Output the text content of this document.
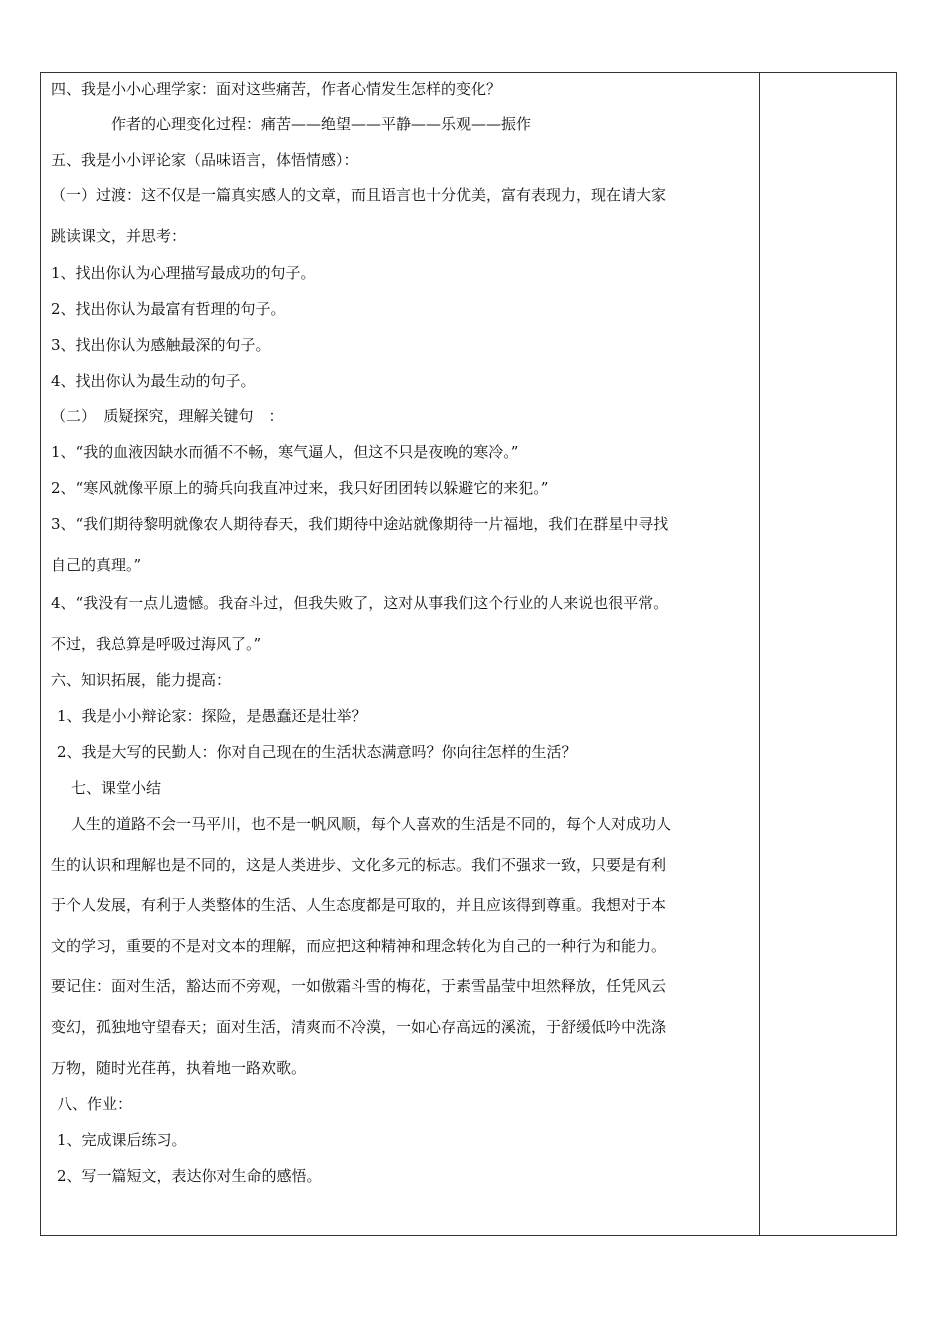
四、我是小小心理学家：面对这些痛苦，作者心情发生怎样的变化？
作者的心理变化过程：痛苦——绝望——平静——乐观——振作
五、我是小小评论家（品味语言，体悟情感）：
（一）过渡：这不仅是一篇真实感人的文章，而且语言也十分优美，富有表现力，现在请大家
跳读课文，并思考：
1、找出你认为心理描写最成功的句子。
2、找出你认为最富有哲理的句子。
3、找出你认为感触最深的句子。
4、找出你认为最生动的句子。
（二）　质疑探究，理解关键句　：
1、“我的血液因缺水而循不不畅，寒气逼人，但这不只是夜晚的寒冷。”
2、“寒风就像平原上的骑兵向我直冲过来，我只好团团转以躲避它的来犯。”
3、“我们期待黎明就像农人期待春天，我们期待中途站就像期待一片福地，我们在群星中寻找
自己的真理。”
4、“我没有一点儿遗憾。我奋斗过，但我失败了，这对从事我们这个行业的人来说也很平常。
不过，我总算是呼吸过海风了。”
六、知识拓展，能力提高：
1、我是小小辩论家：探险，是愚蠢还是壮举？
2、我是大写的民勤人：你对自己现在的生活状态满意吗？你向往怎样的生活？
七、课堂小结
人生的道路不会一马平川，也不是一帆风顺，每个人喜欢的生活是不同的，每个人对成功人
生的认识和理解也是不同的，这是人类进步、文化多元的标志。我们不强求一致，只要是有利
于个人发展，有利于人类整体的生活、人生态度都是可取的，并且应该得到尊重。我想对于本
文的学习，重要的不是对文本的理解，而应把这种精神和理念转化为自己的一种行为和能力。
要记住：面对生活，豁达而不旁观，一如傲霜斗雪的梅花，于素雪晶莹中坦然释放，任凭风云
变幻，孤独地守望春天；面对生活，清爽而不冷漠，一如心存高远的溪流，于舒缓低吟中洗涤
万物，随时光荏苒，执着地一路欢歌。
八、作业：
1、完成课后练习。
2、写一篇短文，表达你对生命的感悟。
